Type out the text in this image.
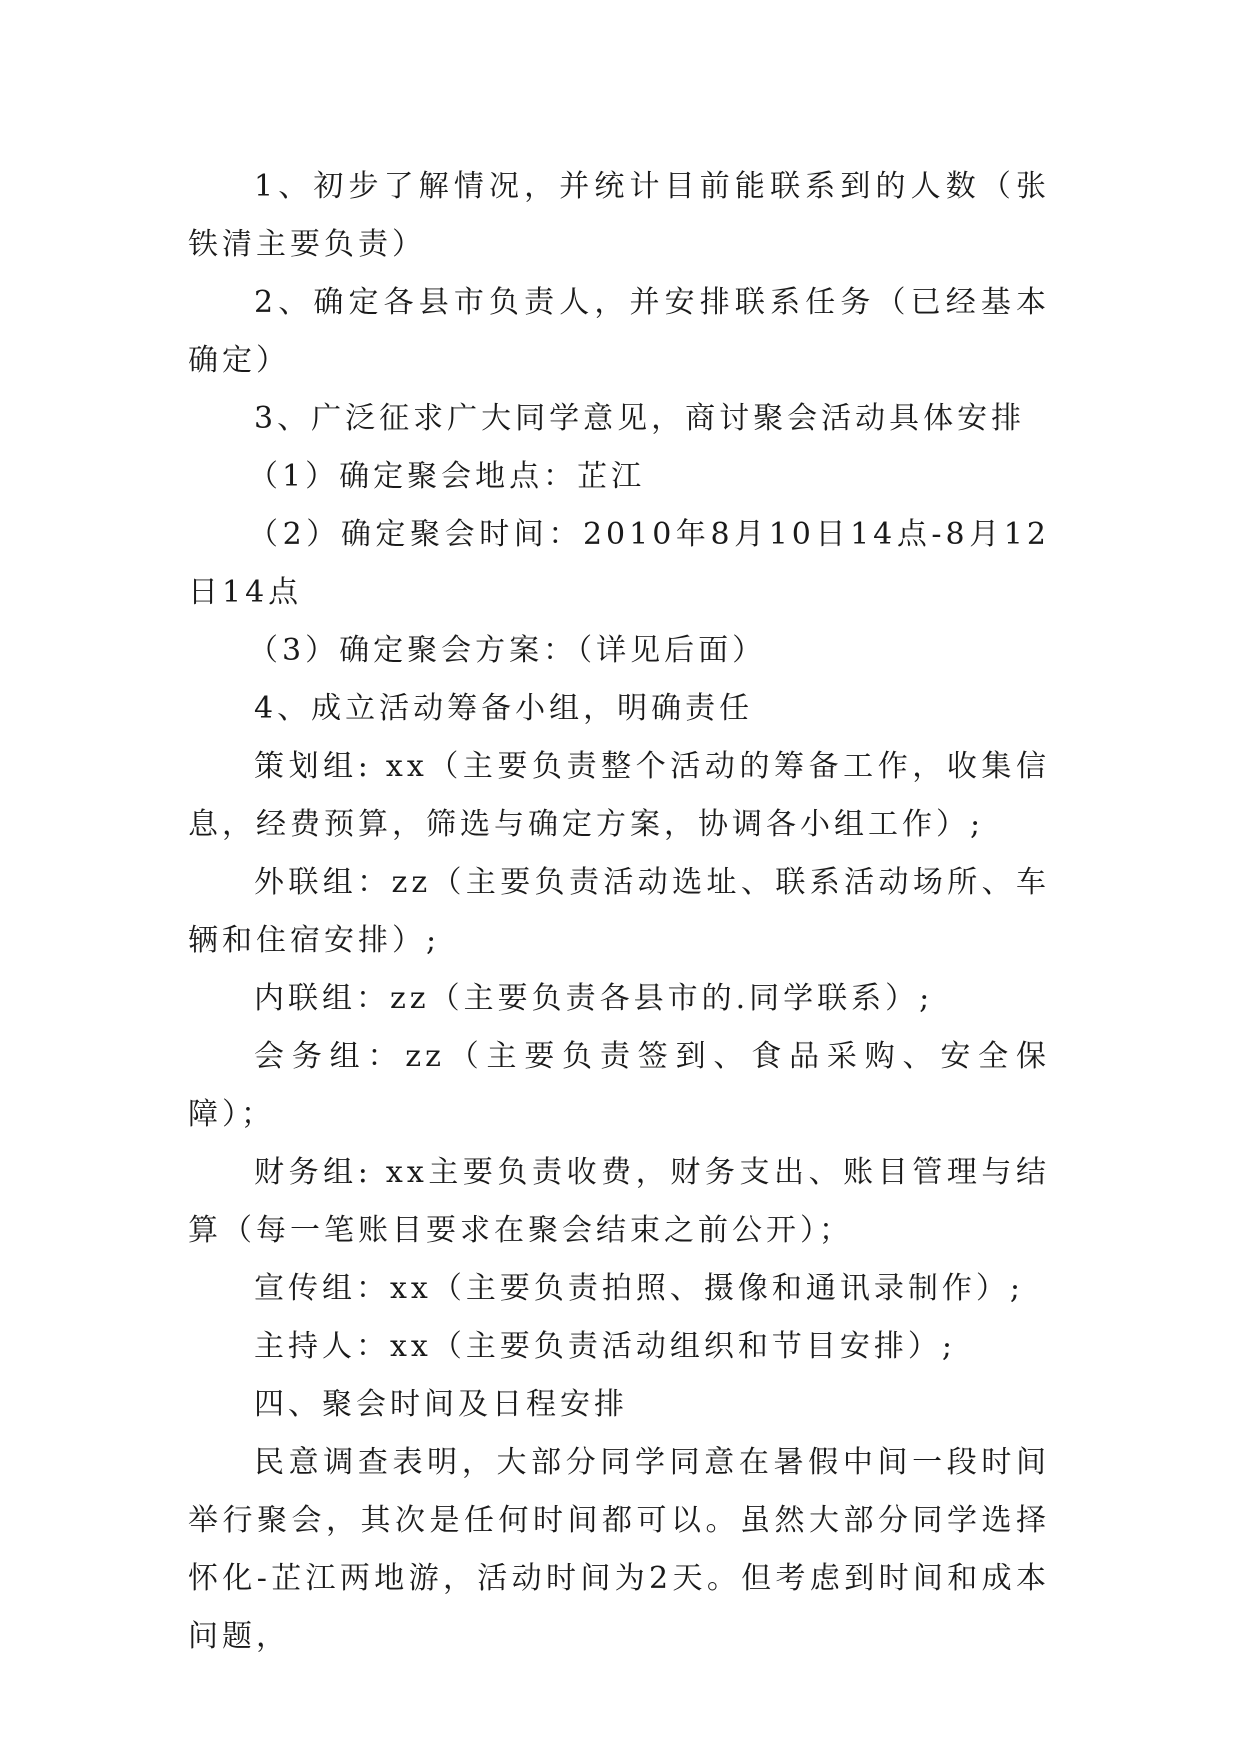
1、初步了解情况，并统计目前能联系到的人数（张铁清主要负责）

2、确定各县市负责人，并安排联系任务（已经基本确定）

3、广泛征求广大同学意见，商讨聚会活动具体安排

（1）确定聚会地点：芷江

（2）确定聚会时间：2010年8月10日14点-8月12日14点

（3）确定聚会方案：（详见后面）

4、成立活动筹备小组，明确责任

策划组: xx（主要负责整个活动的筹备工作，收集信息，经费预算，筛选与确定方案，协调各小组工作）;

外联组：zz（主要负责活动选址、联系活动场所、车辆和住宿安排）;

内联组：zz（主要负责各县市的.同学联系）;

会务组：zz（主要负责签到、食品采购、安全保障）；

财务组: xx主要负责收费，财务支出、账目管理与结算（每一笔账目要求在聚会结束之前公开）；

宣传组：xx（主要负责拍照、摄像和通讯录制作）;

主持人：xx（主要负责活动组织和节目安排）;

四、聚会时间及日程安排

民意调查表明，大部分同学同意在暑假中间一段时间举行聚会，其次是任何时间都可以。虽然大部分同学选择怀化-芷江两地游，活动时间为2天。但考虑到时间和成本问题，
